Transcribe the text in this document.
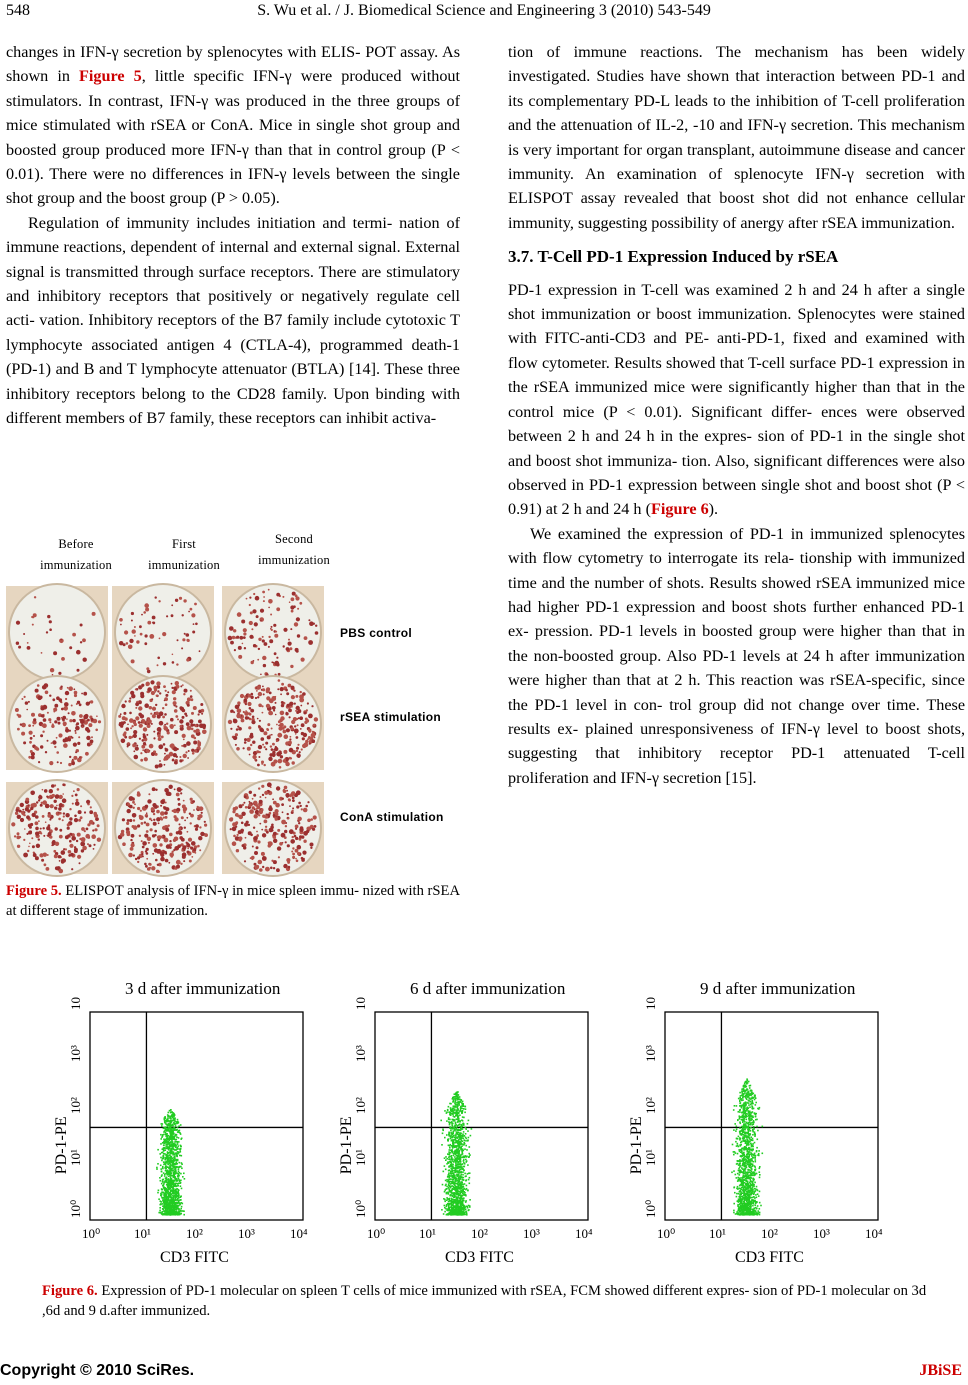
548	S. Wu et al. / J. Biomedical Science and Engineering 3 (2010) 543-549

changes in IFN-γ secretion by splenocytes with ELIS- POT assay. As shown in Figure 5, little specific IFN-γ were produced without stimulators. In contrast, IFN-γ was produced in the three groups of mice stimulated with rSEA or ConA. Mice in single shot group and boosted group produced more IFN-γ than that in control group (P < 0.01). There were no differences in IFN-γ levels between the single shot group and the boost group (P > 0.05).

Regulation of immunity includes initiation and termi- nation of immune reactions, dependent of internal and external signal. External signal is transmitted through surface receptors. There are stimulatory and inhibitory receptors that positively or negatively regulate cell acti- vation. Inhibitory receptors of the B7 family include cytotoxic T lymphocyte associated antigen 4 (CTLA-4), programmed death-1 (PD-1) and B and T lymphocyte attenuator (BTLA) [14]. These three inhibitory receptors belong to the CD28 family. Upon binding with different members of B7 family, these receptors can inhibit activa-

tion of immune reactions. The mechanism has been widely investigated. Studies have shown that interaction between PD-1 and its complementary PD-L leads to the inhibition of T-cell proliferation and the attenuation of IL-2, -10 and IFN-γ secretion. This mechanism is very important for organ transplant, autoimmune disease and cancer immunity. An examination of splenocyte IFN-γ secretion with ELISPOT assay revealed that boost shot did not enhance cellular immunity, suggesting possibility of anergy after rSEA immunization.

3.7. T-Cell PD-1 Expression Induced by rSEA

PD-1 expression in T-cell was examined 2 h and 24 h after a single shot immunization or boost immunization. Splenocytes were stained with FITC-anti-CD3 and PE- anti-PD-1, fixed and examined with flow cytometer. Results showed that T-cell surface PD-1 expression in the rSEA immunized mice were significantly higher than that in the control mice (P < 0.01). Significant differ- ences were observed between 2 h and 24 h in the expres- sion of PD-1 in the single shot and boost shot immuniza- tion. Also, significant differences were also observed in PD-1 expression between single shot and boost shot (P < 0.91) at 2 h and 24 h (Figure 6).

We examined the expression of PD-1 in immunized splenocytes with flow cytometry to interrogate its rela- tionship with immunized time and the number of shots. Results showed rSEA immunized mice had higher PD-1 expression and boost shots further enhanced PD-1 ex- pression. PD-1 levels in boosted group were higher than that in the non-boosted group. Also PD-1 levels at 24 h after immunization were higher than that at 2 h. This reaction was rSEA-specific, since the PD-1 level in con- trol group did not change over time. These results ex- plained unresponsiveness of IFN-γ level to boost shots, suggesting that inhibitory receptor PD-1 attenuated T-cell proliferation and IFN-γ secretion [15].

Before
immunization
First
immunization
Second
immunization
PBS control
rSEA stimulation
ConA stimulation
Figure 5. ELISPOT analysis of IFN-γ in mice spleen immu- nized with rSEA at different stage of immunization.
3 d after immunization
10⁰	10¹	10²	10³	10⁴
10⁰
10¹
10²
10³
10
CD3 FITC
PD-1-PE
6 d after immunization
10⁰	10¹	10²	10³	10⁴
10⁰
10¹
10²
10³
10
CD3 FITC
PD-1-PE
9 d after immunization
10⁰	10¹	10²	10³	10⁴
10⁰
10¹
10²
10³
10
CD3 FITC
PD-1-PE
Figure 6. Expression of PD-1 molecular on spleen T cells of mice immunized with rSEA, FCM showed different expres- sion of PD-1 molecular on 3d ,6d and 9 d.after immunized.
Copyright © 2010 SciRes.	JBiSE
